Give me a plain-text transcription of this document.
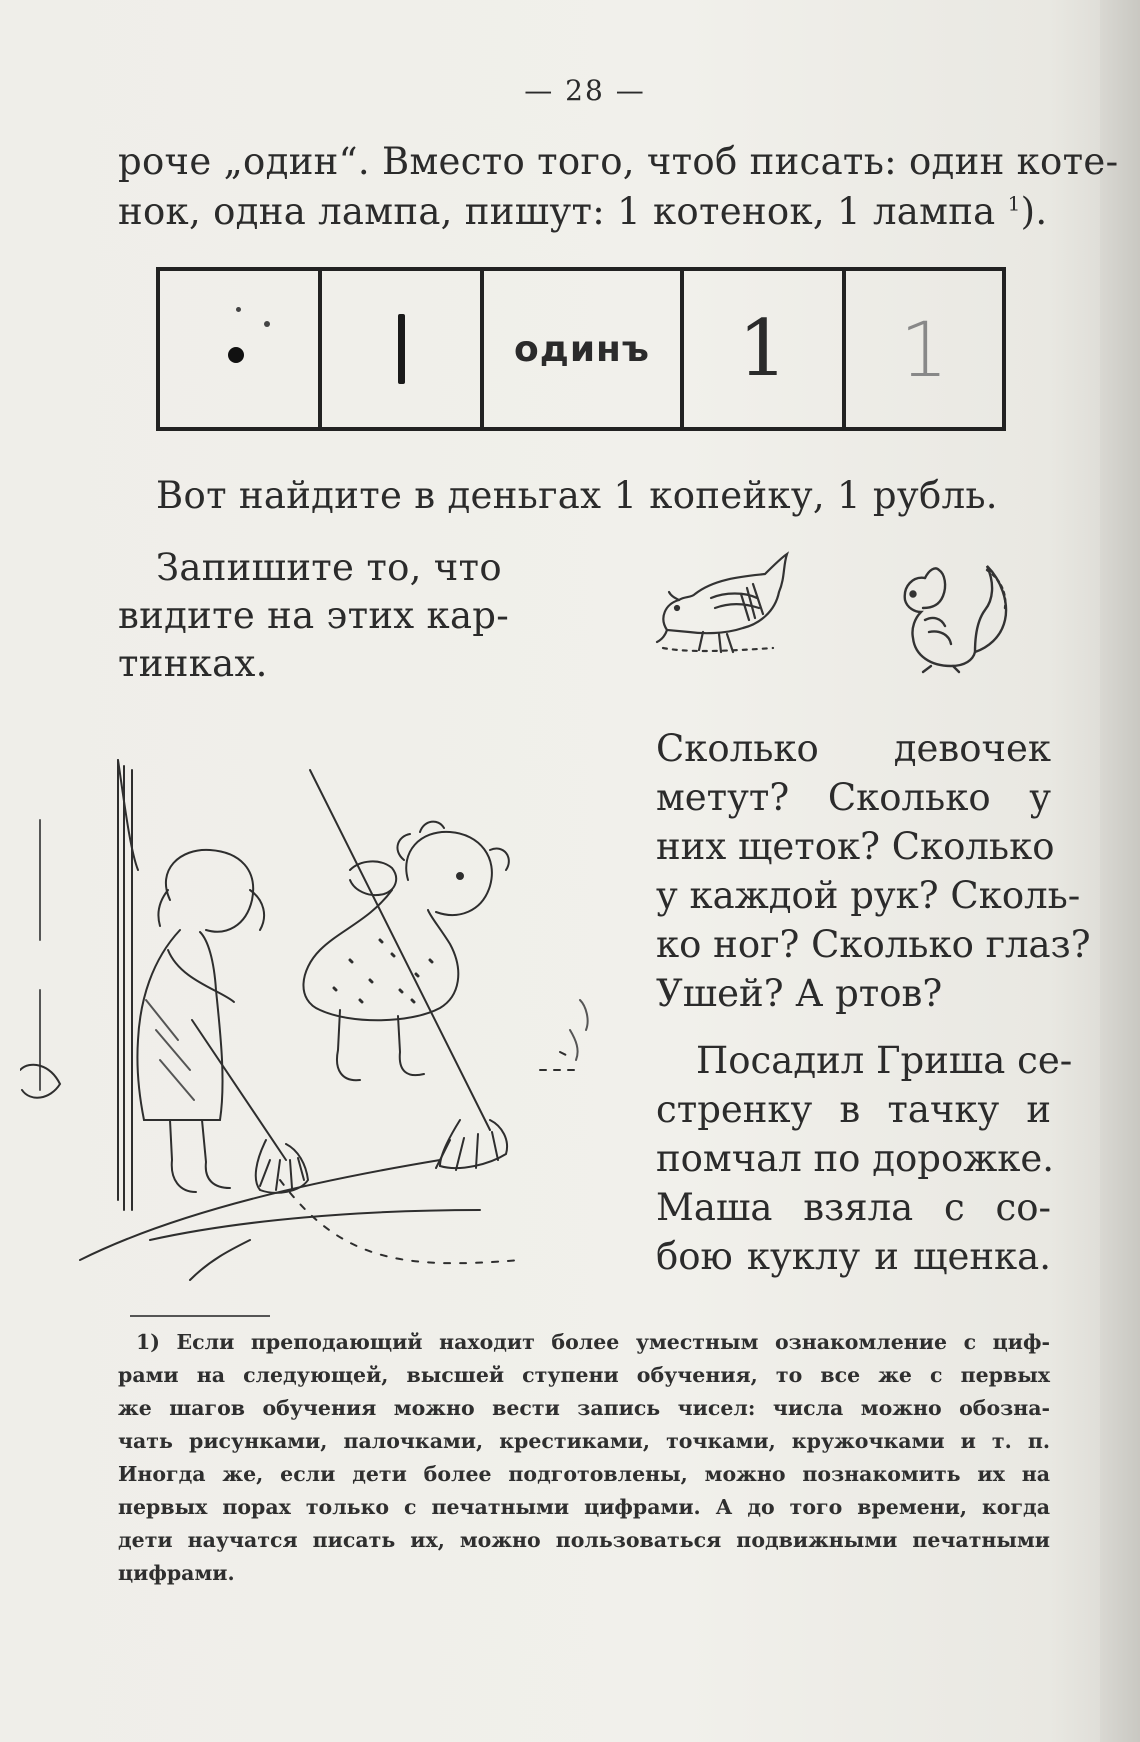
— 28 —
роче „один“. Вместо того, чтоб писать: один коте-
нок, одна лампа, пишут: 1 котенок, 1 лампа $^1$).
одинъ	1	1
Вот найдите в деньгах 1 копейку, 1 рубль.
Запишите то, что
видите на этих кар-
тинках.
Сколько девочек
метут? Сколько у
них щеток? Сколько
у каждой рук? Сколь-
ко ног? Сколько глаз?
Ушей? А ртов?
Посадил Гриша се-
стренку в тачку и
помчал по дорожке.
Маша взяла с со-
бою куклу и щенка.
1) Если преподающий находит более уместным ознакомление с циф-
рами на следующей, высшей ступени обучения, то все же с первых
же шагов обучения можно вести запись чисел: числа можно обозна-
чать рисунками, палочками, крестиками, точками, кружочками и т. п.
Иногда же, если дети более подготовлены, можно познакомить их на
первых порах только с печатными цифрами. А до того времени, когда
дети научатся писать их, можно пользоваться подвижными печатными
цифрами.
